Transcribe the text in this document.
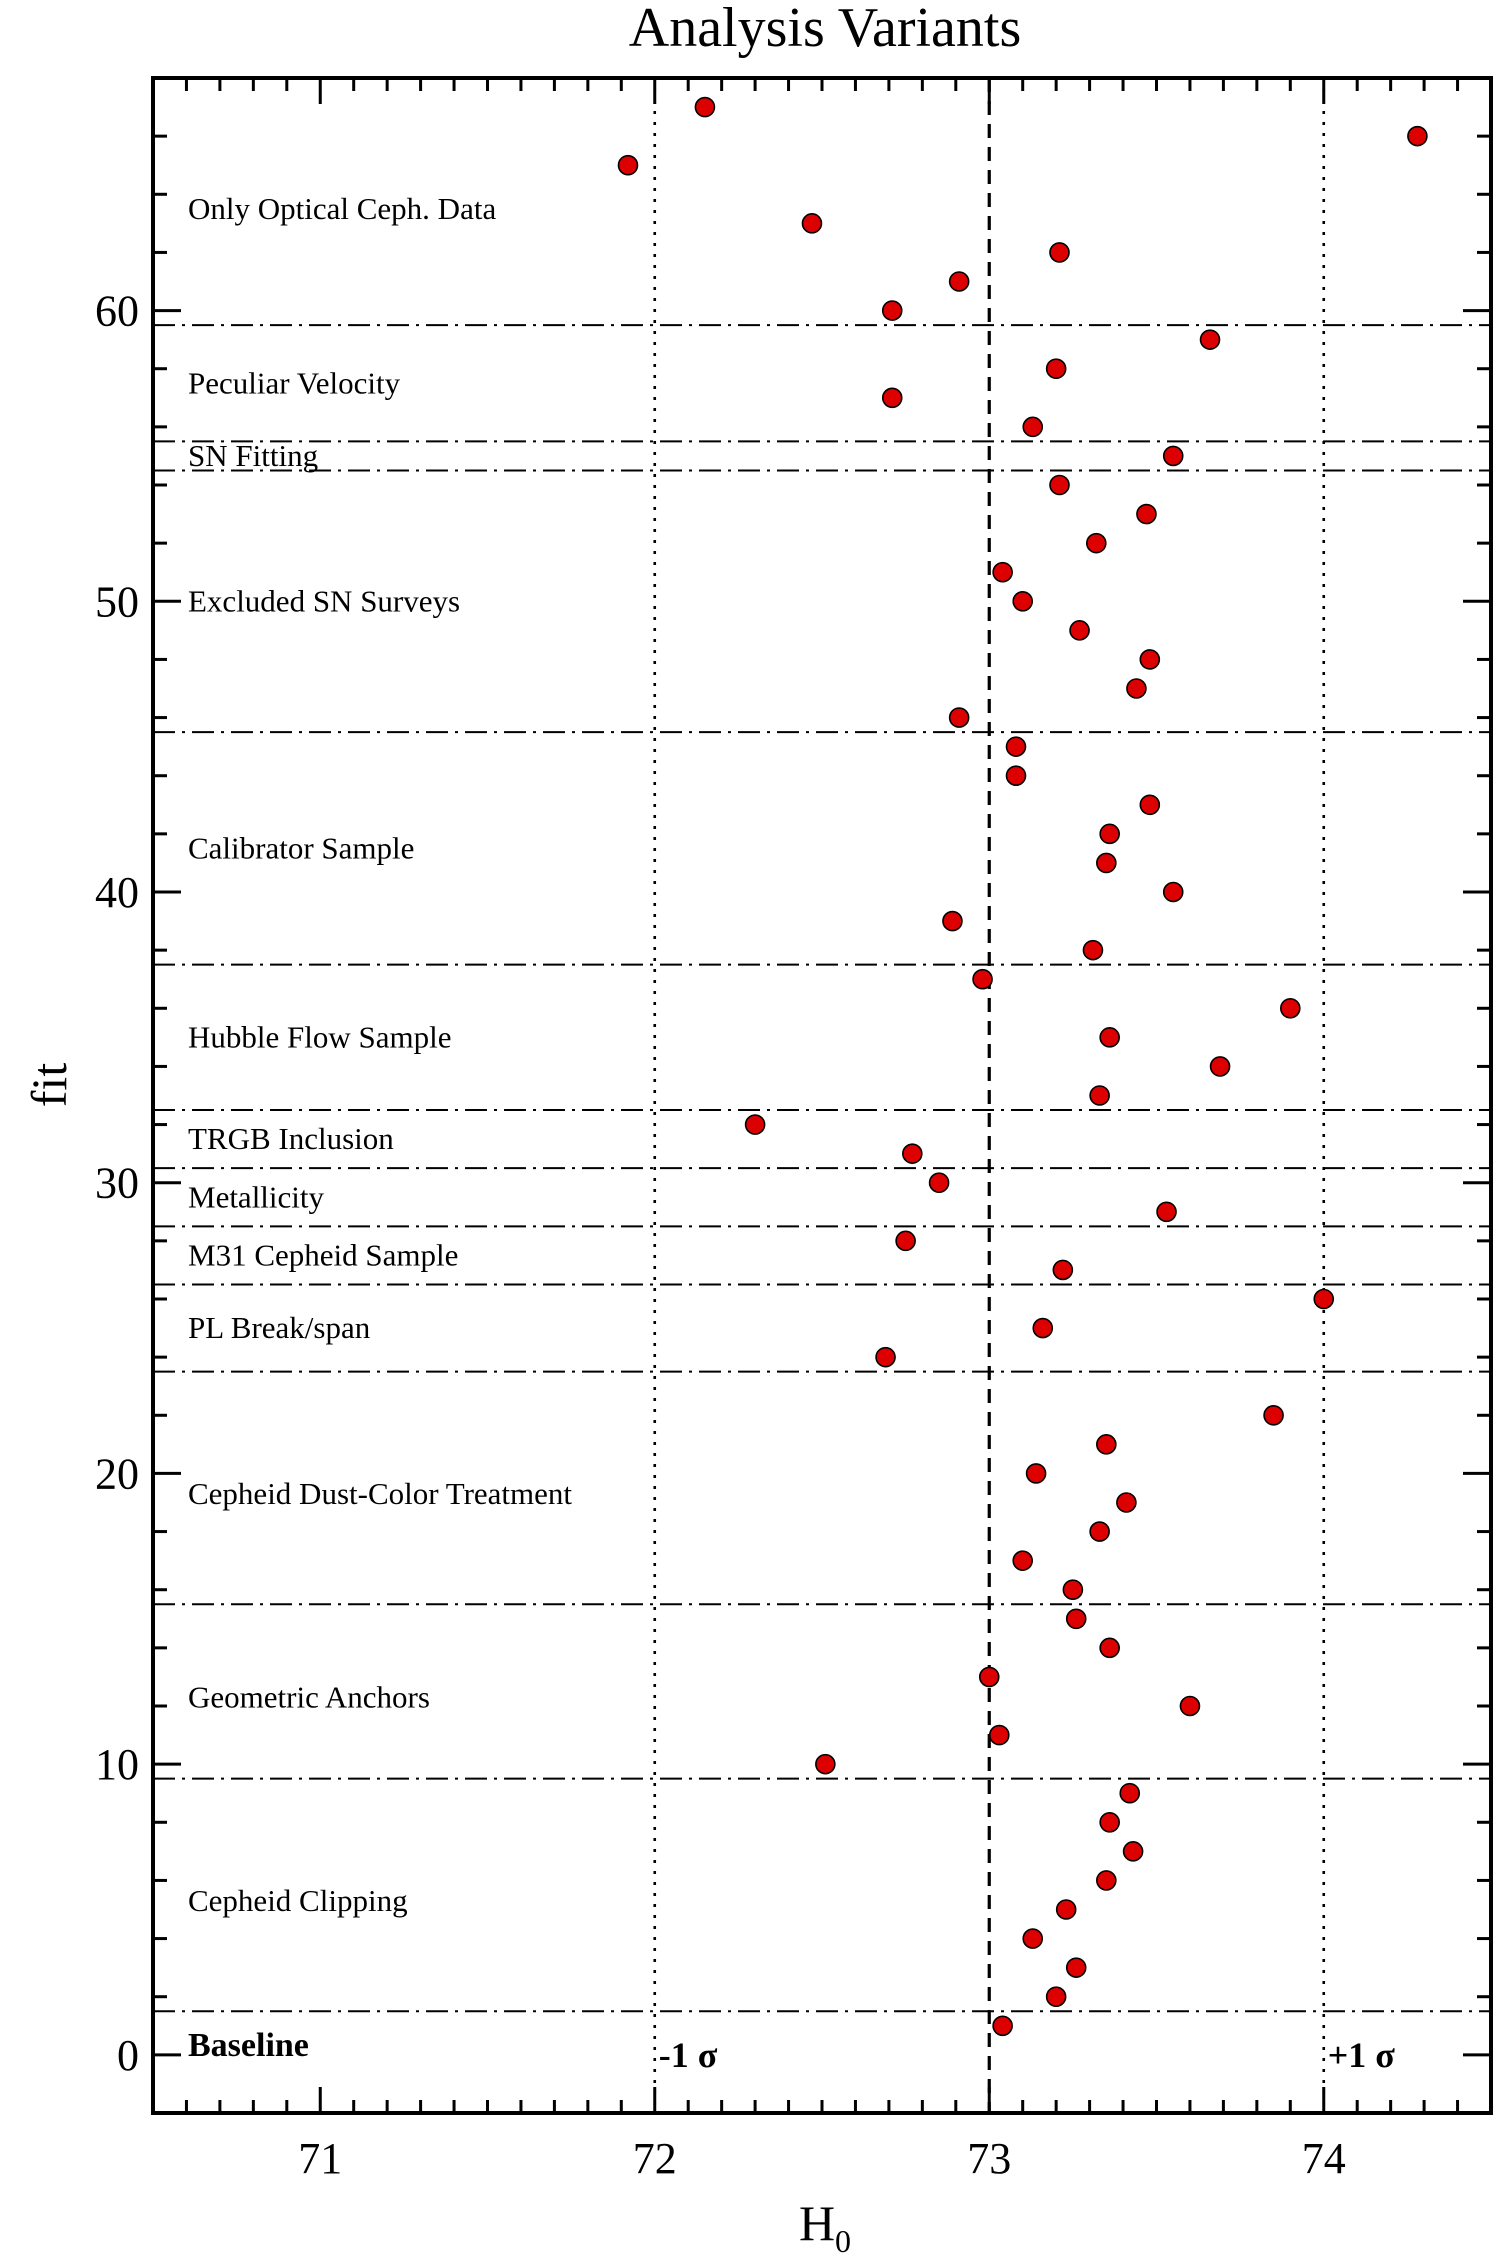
Analysis Variants
$H_0$
fit
-1 σ	+1 σ
Baseline
Cepheid Clipping
Geometric Anchors
Cepheid Dust-Color Treatment
PL Break/span
M31 Cepheid Sample
Metallicity
TRGB Inclusion
Hubble Flow Sample
Calibrator Sample
Excluded SN Surveys
SN Fitting
Peculiar Velocity
Only Optical Ceph. Data
71	72	73	74
0
10
20
30
40
50
60
